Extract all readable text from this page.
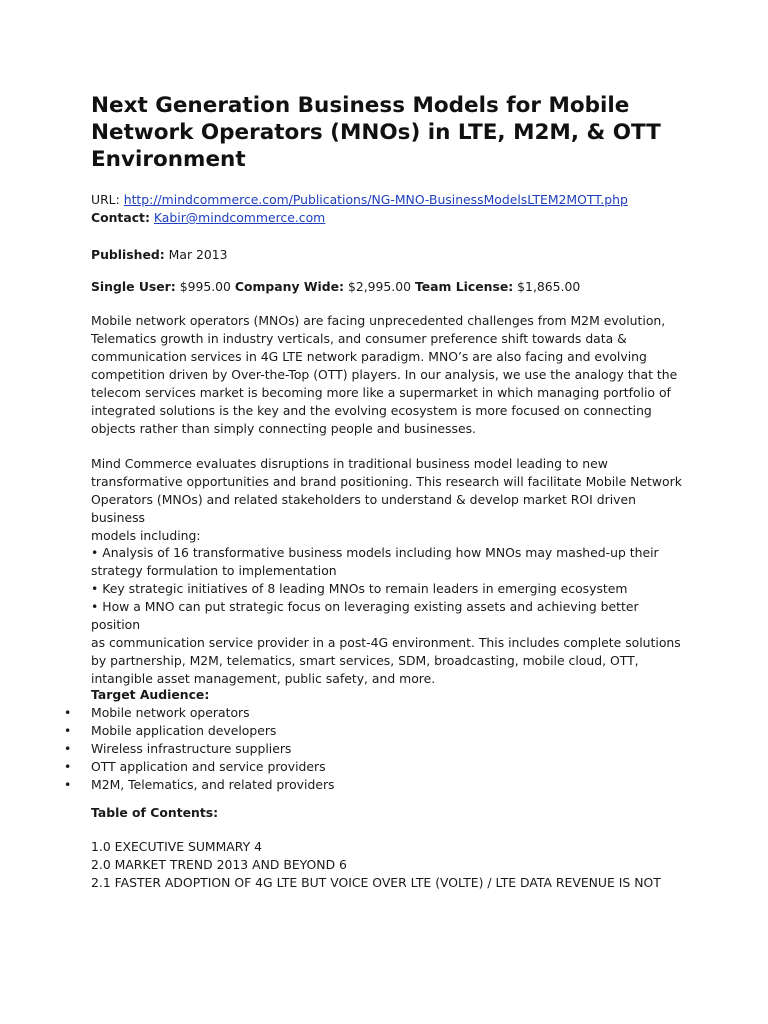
Next Generation Business Models for Mobile Network Operators (MNOs) in LTE, M2M, & OTT Environment
URL: http://mindcommerce.com/Publications/NG-MNO-BusinessModelsLTEM2MOTT.php
Contact: Kabir@mindcommerce.com
Published: Mar 2013
Single User: $995.00 Company Wide: $2,995.00 Team License: $1,865.00

Mobile network operators (MNOs) are facing unprecedented challenges from M2M evolution,
Telematics growth in industry verticals, and consumer preference shift towards data &
communication services in 4G LTE network paradigm. MNO’s are also facing and evolving
competition driven by Over-the-Top (OTT) players. In our analysis, we use the analogy that the
telecom services market is becoming more like a supermarket in which managing portfolio of
integrated solutions is the key and the evolving ecosystem is more focused on connecting
objects rather than simply connecting people and businesses.

Mind Commerce evaluates disruptions in traditional business model leading to new
transformative opportunities and brand positioning. This research will facilitate Mobile Network
Operators (MNOs) and related stakeholders to understand & develop market ROI driven business
models including:

• Analysis of 16 transformative business models including how MNOs may mashed-up their
strategy formulation to implementation
• Key strategic initiatives of 8 leading MNOs to remain leaders in emerging ecosystem
• How a MNO can put strategic focus on leveraging existing assets and achieving better position
as communication service provider in a post-4G environment. This includes complete solutions
by partnership, M2M, telematics, smart services, SDM, broadcasting, mobile cloud, OTT,
intangible asset management, public safety, and more.

Target Audience:
• Mobile network operators
• Mobile application developers
• Wireless infrastructure suppliers
• OTT application and service providers
• M2M, Telematics, and related providers
Table of Contents:
1.0 EXECUTIVE SUMMARY 4
2.0 MARKET TREND 2013 AND BEYOND 6
2.1 FASTER ADOPTION OF 4G LTE BUT VOICE OVER LTE (VOLTE) / LTE DATA REVENUE IS NOT
